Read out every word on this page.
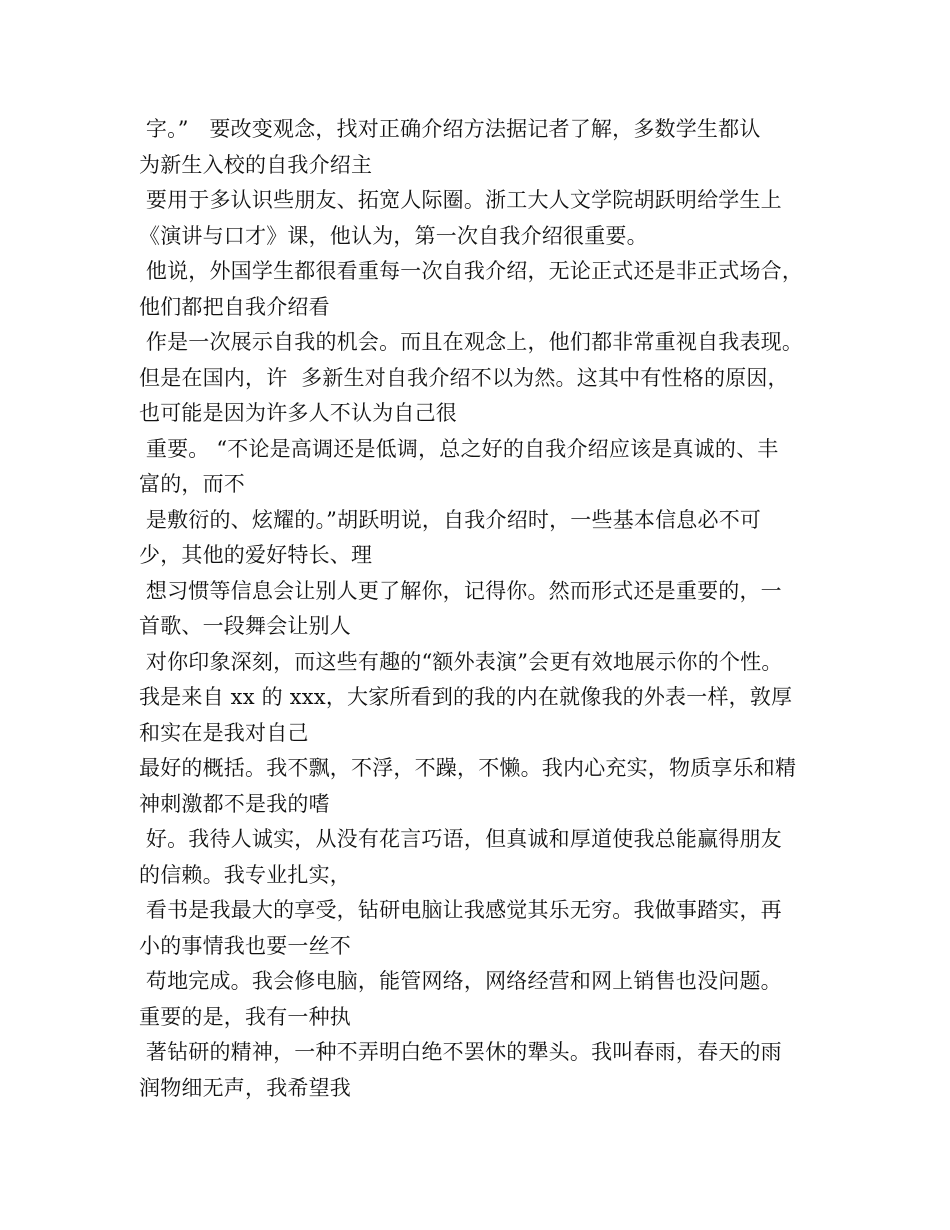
字。”   要改变观念，找对正确介绍方法据记者了解，多数学生都认
为新生入校的自我介绍主
要用于多认识些朋友、拓宽人际圈。浙工大人文学院胡跃明给学生上
《演讲与口才》课，他认为，第一次自我介绍很重要。
他说，外国学生都很看重每一次自我介绍，无论正式还是非正式场合，
他们都把自我介绍看
作是一次展示自我的机会。而且在观念上，他们都非常重视自我表现。
但是在国内，许  多新生对自我介绍不以为然。这其中有性格的原因，
也可能是因为许多人不认为自己很
重要。 “不论是高调还是低调，总之好的自我介绍应该是真诚的、丰
富的，而不
是敷衍的、炫耀的。”胡跃明说，自我介绍时，一些基本信息必不可
少，其他的爱好特长、理
想习惯等信息会让别人更了解你，记得你。然而形式还是重要的，一
首歌、一段舞会让别人
对你印象深刻，而这些有趣的“额外表演”会更有效地展示你的个性。
我是来自 xx 的 xxx，大家所看到的我的内在就像我的外表一样，敦厚
和实在是我对自己
最好的概括。我不飘，不浮，不躁，不懒。我内心充实，物质享乐和精
神刺激都不是我的嗜
好。我待人诚实，从没有花言巧语，但真诚和厚道使我总能赢得朋友
的信赖。我专业扎实，
看书是我最大的享受，钻研电脑让我感觉其乐无穷。我做事踏实，再
小的事情我也要一丝不
苟地完成。我会修电脑，能管网络，网络经营和网上销售也没问题。
重要的是，我有一种执
著钻研的精神，一种不弄明白绝不罢休的犟头。我叫春雨，春天的雨
润物细无声，我希望我
